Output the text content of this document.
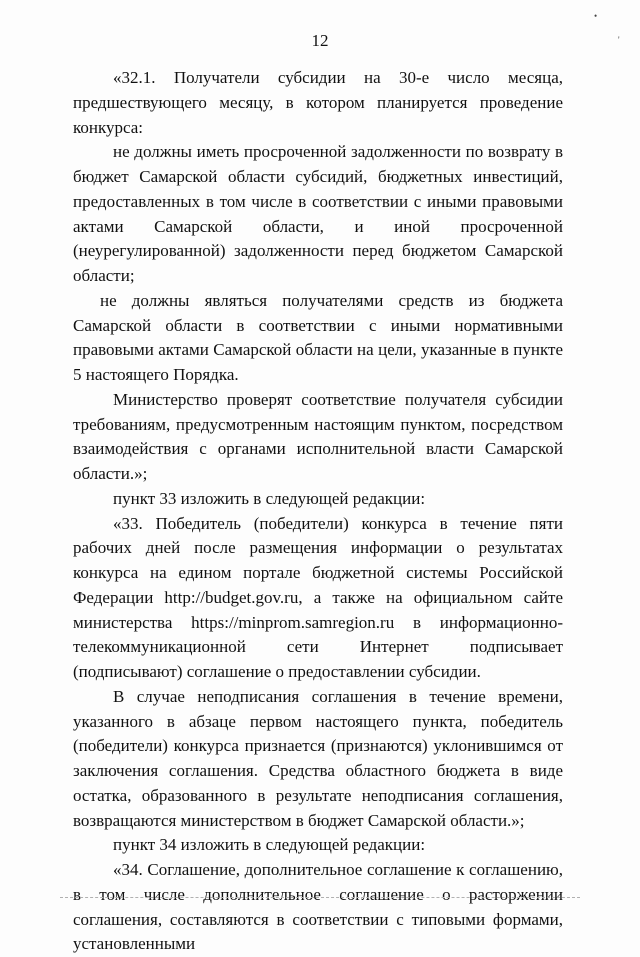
12

«32.1. Получатели субсидии на 30-е число месяца, предшествующего месяцу, в котором планируется проведение конкурса:

не должны иметь просроченной задолженности по возврату в бюджет Самарской области субсидий, бюджетных инвестиций, предоставленных в том числе в соответствии с иными правовыми актами Самарской области, и иной просроченной (неурегулированной) задолженности перед бюджетом Самарской области;

не должны являться получателями средств из бюджета Самарской области в соответствии с иными нормативными правовыми актами Самарской области на цели, указанные в пункте 5 настоящего Порядка.

Министерство проверят соответствие получателя субсидии требованиям, предусмотренным настоящим пунктом, посредством взаимодействия с органами исполнительной власти Самарской области.»;

пункт 33 изложить в следующей редакции:

«33. Победитель (победители) конкурса в течение пяти рабочих дней после размещения информации о результатах конкурса на едином портале бюджетной системы Российской Федерации http://budget.gov.ru, а также на официальном сайте министерства https://minprom.samregion.ru в информационно-телекоммуникационной сети Интернет подписывает (подписывают) соглашение о предоставлении субсидии.

В случае неподписания соглашения в течение времени, указанного в абзаце первом настоящего пункта, победитель (победители) конкурса признается (признаются) уклонившимся от заключения соглашения. Средства областного бюджета в виде остатка, образованного в результате неподписания соглашения, возвращаются министерством в бюджет Самарской области.»;

пункт 34 изложить в следующей редакции:

«34. Соглашение, дополнительное соглашение к соглашению, в том числе дополнительное соглашение о расторжении соглашения, составляются в соответствии с типовыми формами, установленными

•
'
